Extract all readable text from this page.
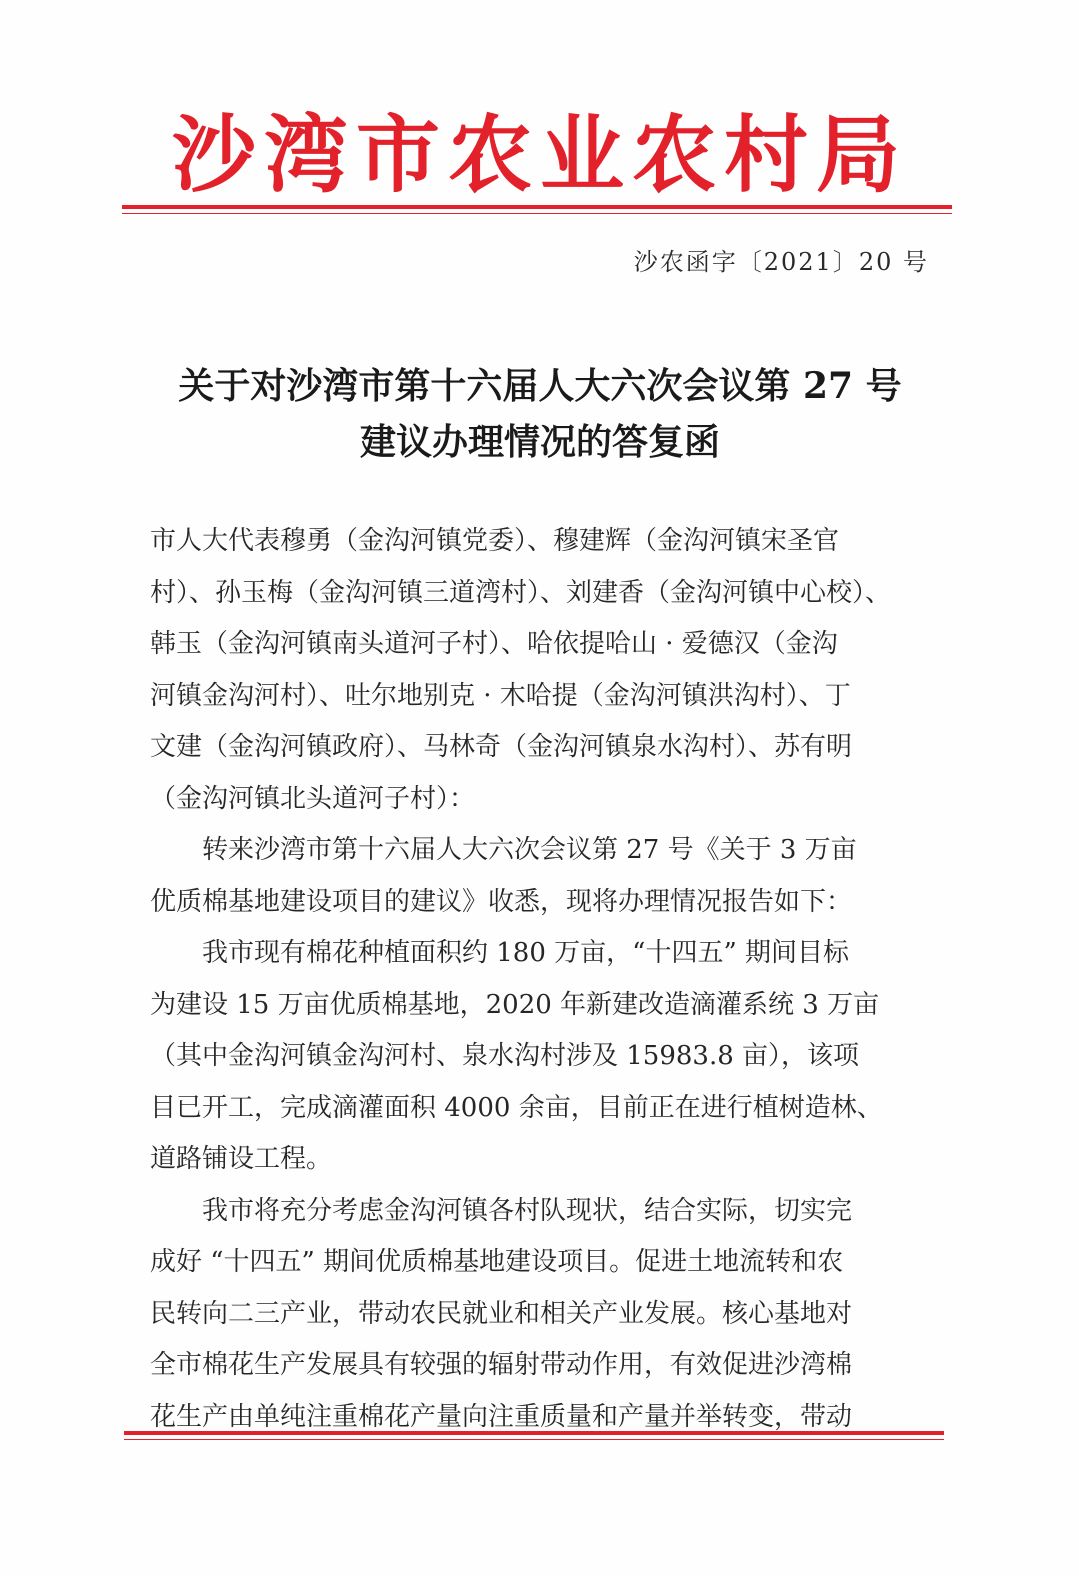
沙湾市农业农村局
沙农函字〔2021〕20 号
关于对沙湾市第十六届人大六次会议第 27 号
建议办理情况的答复函
市人大代表穆勇（金沟河镇党委）、穆建辉（金沟河镇宋圣官
村）、孙玉梅（金沟河镇三道湾村）、刘建香（金沟河镇中心校）、
韩玉（金沟河镇南头道河子村）、哈依提哈山 · 爱德汉（金沟
河镇金沟河村）、吐尔地别克 · 木哈提（金沟河镇洪沟村）、丁
文建（金沟河镇政府）、马林奇（金沟河镇泉水沟村）、苏有明
（金沟河镇北头道河子村）：
　　转来沙湾市第十六届人大六次会议第 27 号《关于 3 万亩
优质棉基地建设项目的建议》收悉，现将办理情况报告如下：
　　我市现有棉花种植面积约 180 万亩，“十四五” 期间目标
为建设 15 万亩优质棉基地，2020 年新建改造滴灌系统 3 万亩
（其中金沟河镇金沟河村、泉水沟村涉及 15983.8 亩），该项
目已开工，完成滴灌面积 4000 余亩，目前正在进行植树造林、
道路铺设工程。
　　我市将充分考虑金沟河镇各村队现状，结合实际，切实完
成好 “十四五” 期间优质棉基地建设项目。促进土地流转和农
民转向二三产业，带动农民就业和相关产业发展。核心基地对
全市棉花生产发展具有较强的辐射带动作用，有效促进沙湾棉
花生产由单纯注重棉花产量向注重质量和产量并举转变，带动
